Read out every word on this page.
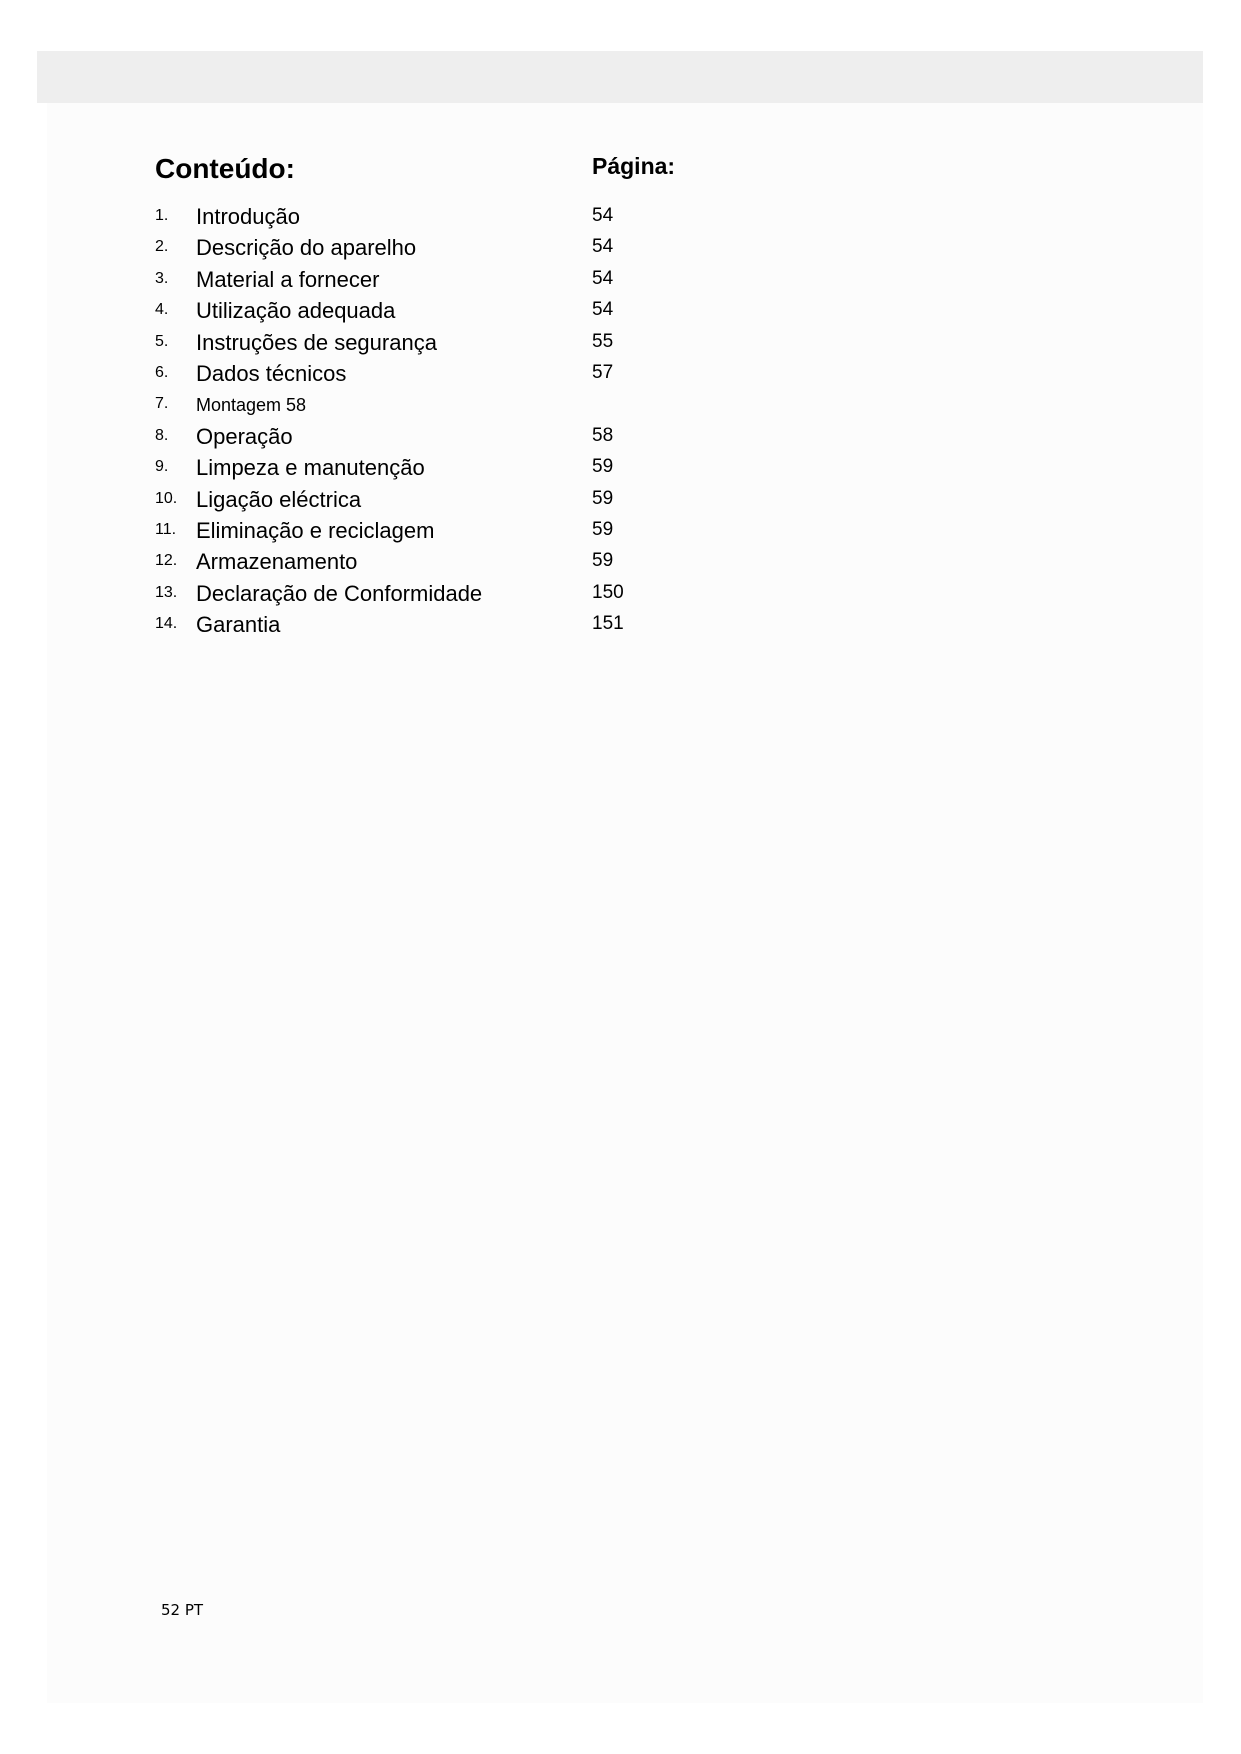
Conteúdo:	Página:
1. Introdução	54
2. Descrição do aparelho	54
3. Material a fornecer	54
4. Utilização adequada	54
5. Instruções de segurança	55
6. Dados técnicos	57
7. Montagem 58
8. Operação	58
9. Limpeza e manutenção	59
10. Ligação eléctrica	59
11. Eliminação e reciclagem	59
12. Armazenamento	59
13. Declaração de Conformidade	150
14. Garantia	151
52 PT
